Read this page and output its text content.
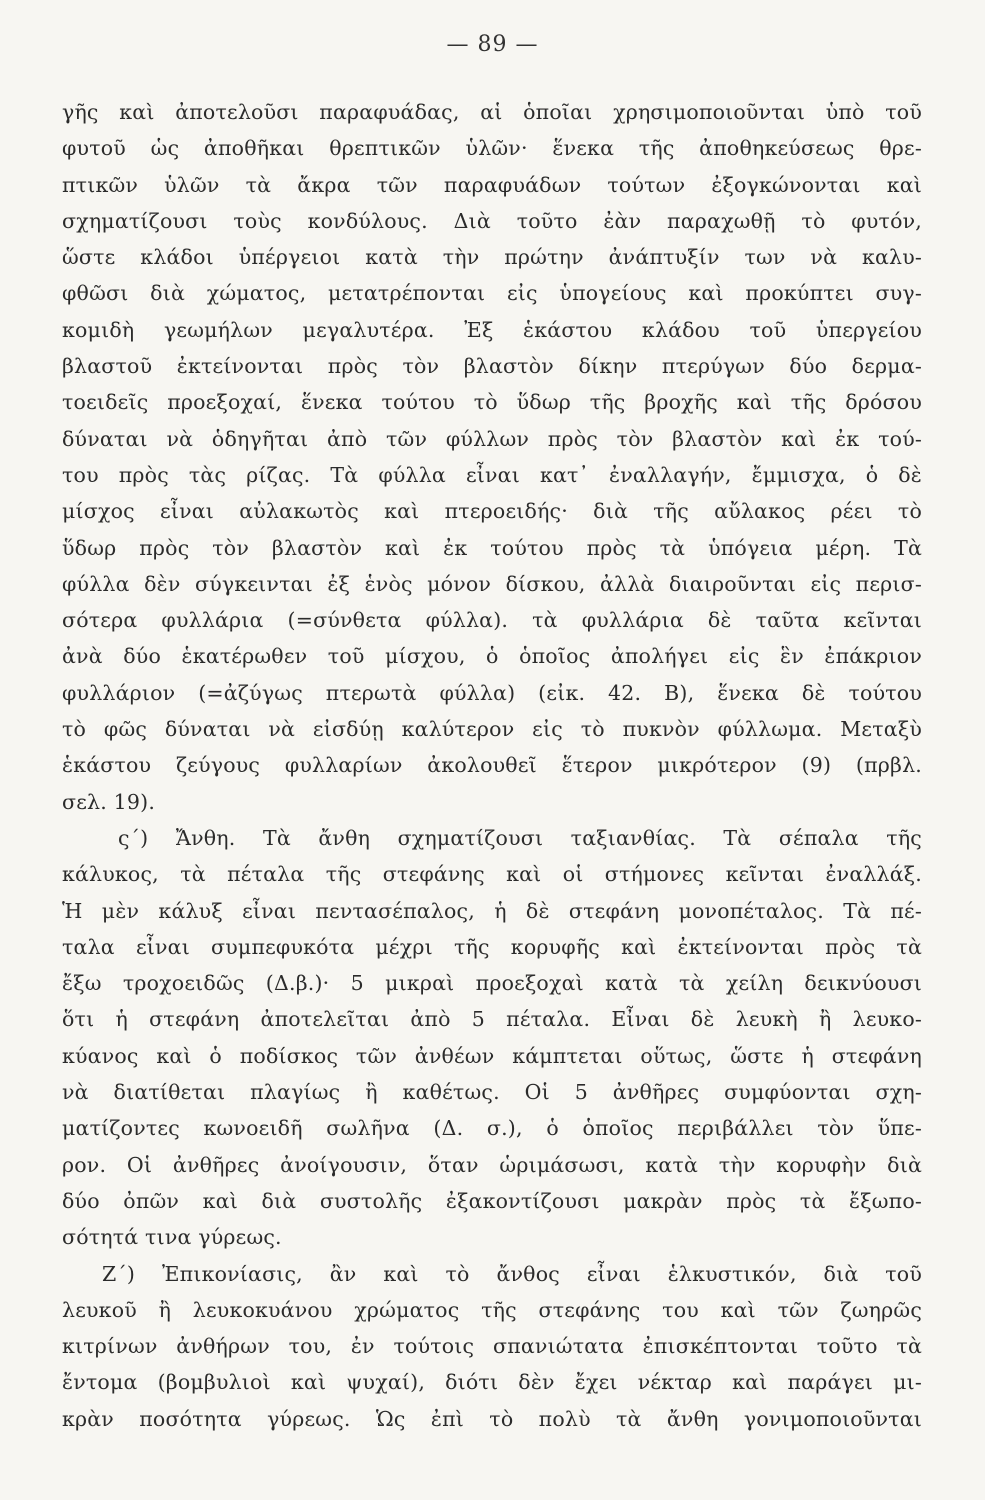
— 89 —
γῆς καὶ ἀποτελοῦσι παραφυάδας, αἱ ὁποῖαι χρησιμοποιοῦνται ὑπὸ τοῦ
φυτοῦ ὡς ἀποθῆκαι θρεπτικῶν ὑλῶν· ἕνεκα τῆς ἀποθηκεύσεως θρε-
πτικῶν ὑλῶν τὰ ἄκρα τῶν παραφυάδων τούτων ἐξογκώνονται καὶ
σχηματίζουσι τοὺς κονδύλους. Διὰ τοῦτο ἐὰν παραχωθῇ τὸ φυτόν,
ὥστε κλάδοι ὑπέργειοι κατὰ τὴν πρώτην ἀνάπτυξίν των νὰ καλυ-
φθῶσι διὰ χώματος, μετατρέπονται εἰς ὑπογείους καὶ προκύπτει συγ-
κομιδὴ γεωμήλων μεγαλυτέρα. Ἐξ ἑκάστου κλάδου τοῦ ὑπεργείου
βλαστοῦ ἐκτείνονται πρὸς τὸν βλαστὸν δίκην πτερύγων δύο δερμα-
τοειδεῖς προεξοχαί, ἕνεκα τούτου τὸ ὕδωρ τῆς βροχῆς καὶ τῆς δρόσου
δύναται νὰ ὁδηγῆται ἀπὸ τῶν φύλλων πρὸς τὸν βλαστὸν καὶ ἐκ τού-
του πρὸς τὰς ρίζας. Τὰ φύλλα εἶναι κατ᾽ ἐναλλαγήν, ἔμμισχα, ὁ δὲ
μίσχος εἶναι αὐλακωτὸς καὶ πτεροειδής· διὰ τῆς αὔλακος ρέει τὸ
ὕδωρ πρὸς τὸν βλαστὸν καὶ ἐκ τούτου πρὸς τὰ ὑπόγεια μέρη. Τὰ
φύλλα δὲν σύγκεινται ἐξ ἑνὸς μόνον δίσκου, ἀλλὰ διαιροῦνται εἰς περισ-
σότερα φυλλάρια (=σύνθετα φύλλα). τὰ φυλλάρια δὲ ταῦτα κεῖνται
ἀνὰ δύο ἑκατέρωθεν τοῦ μίσχου, ὁ ὁποῖος ἀπολήγει εἰς ἓν ἐπάκριον
φυλλάριον (=ἀζύγως πτερωτὰ φύλλα) (εἰκ. 42. Β), ἕνεκα δὲ τούτου
τὸ φῶς δύναται νὰ εἰσδύῃ καλύτερον εἰς τὸ πυκνὸν φύλλωμα. Μεταξὺ
ἑκάστου ζεύγους φυλλαρίων ἀκολουθεῖ ἕτερον μικρότερον (9) (πρβλ.
σελ. 19).
ς΄) Ἄνθη. Τὰ ἄνθη σχηματίζουσι ταξιανθίας. Τὰ σέπαλα τῆς
κάλυκος, τὰ πέταλα τῆς στεφάνης καὶ οἱ στήμονες κεῖνται ἐναλλάξ.
Ἡ μὲν κάλυξ εἶναι πεντασέπαλος, ἡ δὲ στεφάνη μονοπέταλος. Τὰ πέ-
ταλα εἶναι συμπεφυκότα μέχρι τῆς κορυφῆς καὶ ἐκτείνονται πρὸς τὰ
ἔξω τροχοειδῶς (Δ.β.)· 5 μικραὶ προεξοχαὶ κατὰ τὰ χείλη δεικνύουσι
ὅτι ἡ στεφάνη ἀποτελεῖται ἀπὸ 5 πέταλα. Εἶναι δὲ λευκὴ ἢ λευκο-
κύανος καὶ ὁ ποδίσκος τῶν ἀνθέων κάμπτεται οὕτως, ὥστε ἡ στεφάνη
νὰ διατίθεται πλαγίως ἢ καθέτως. Οἱ 5 ἀνθῆρες συμφύονται σχη-
ματίζοντες κωνοειδῆ σωλῆνα (Δ. σ.), ὁ ὁποῖος περιβάλλει τὸν ὕπε-
ρον. Οἱ ἀνθῆρες ἀνοίγουσιν, ὅταν ὡριμάσωσι, κατὰ τὴν κορυφὴν διὰ
δύο ὀπῶν καὶ διὰ συστολῆς ἐξακοντίζουσι μακρὰν πρὸς τὰ ἔξωπο-
σότητά τινα γύρεως.
Ζ΄) Ἐπικονίασις, ἂν καὶ τὸ ἄνθος εἶναι ἑλκυστικόν, διὰ τοῦ
λευκοῦ ἢ λευκοκυάνου χρώματος τῆς στεφάνης του καὶ τῶν ζωηρῶς
κιτρίνων ἀνθήρων του, ἐν τούτοις σπανιώτατα ἐπισκέπτονται τοῦτο τὰ
ἔντομα (βομβυλιοὶ καὶ ψυχαί), διότι δὲν ἔχει νέκταρ καὶ παράγει μι-
κρὰν ποσότητα γύρεως. Ὡς ἐπὶ τὸ πολὺ τὰ ἄνθη γονιμοποιοῦνται
